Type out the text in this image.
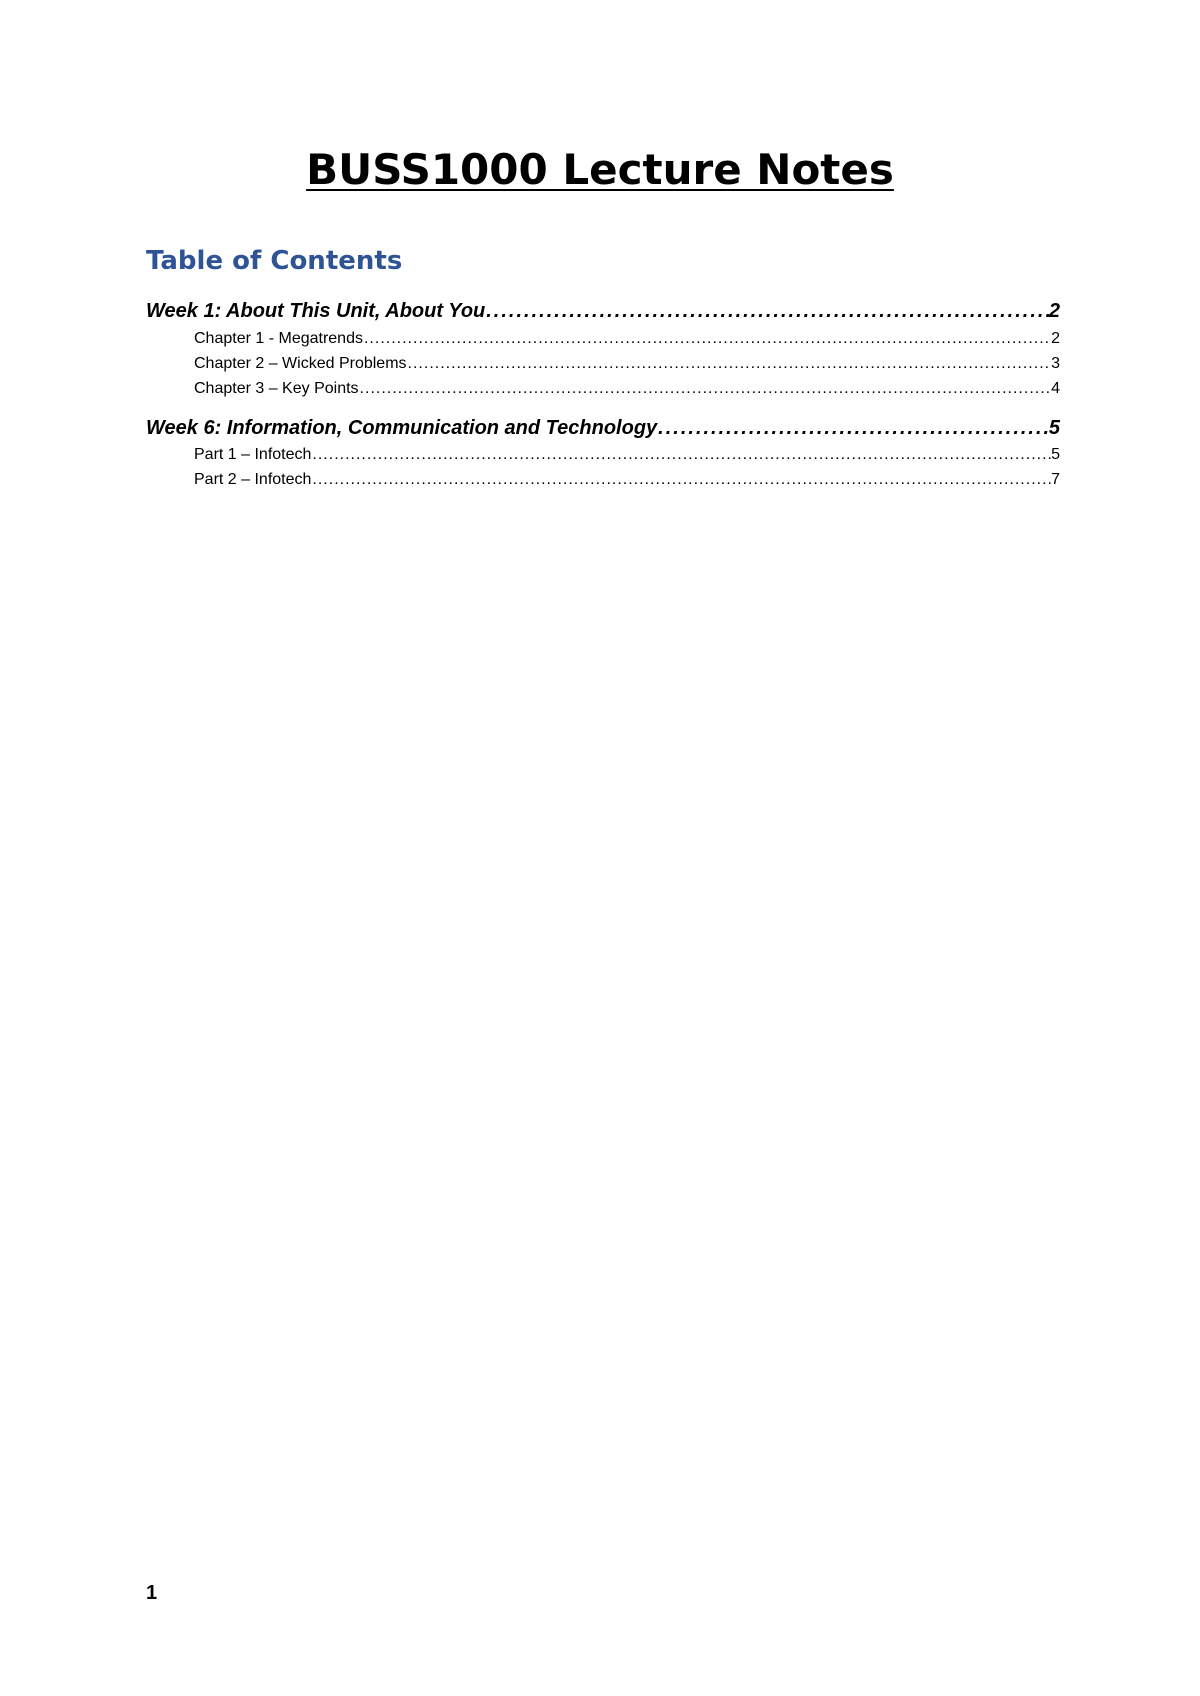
BUSS1000 Lecture Notes
Table of Contents
Week 1: About This Unit, About You .....	2
Chapter 1 - Megatrends .....	2
Chapter 2 – Wicked Problems .....	3
Chapter 3 – Key Points .....	4
Week 6: Information, Communication and Technology .....	5
Part 1 – Infotech .....	5
Part 2 – Infotech .....	7
1
